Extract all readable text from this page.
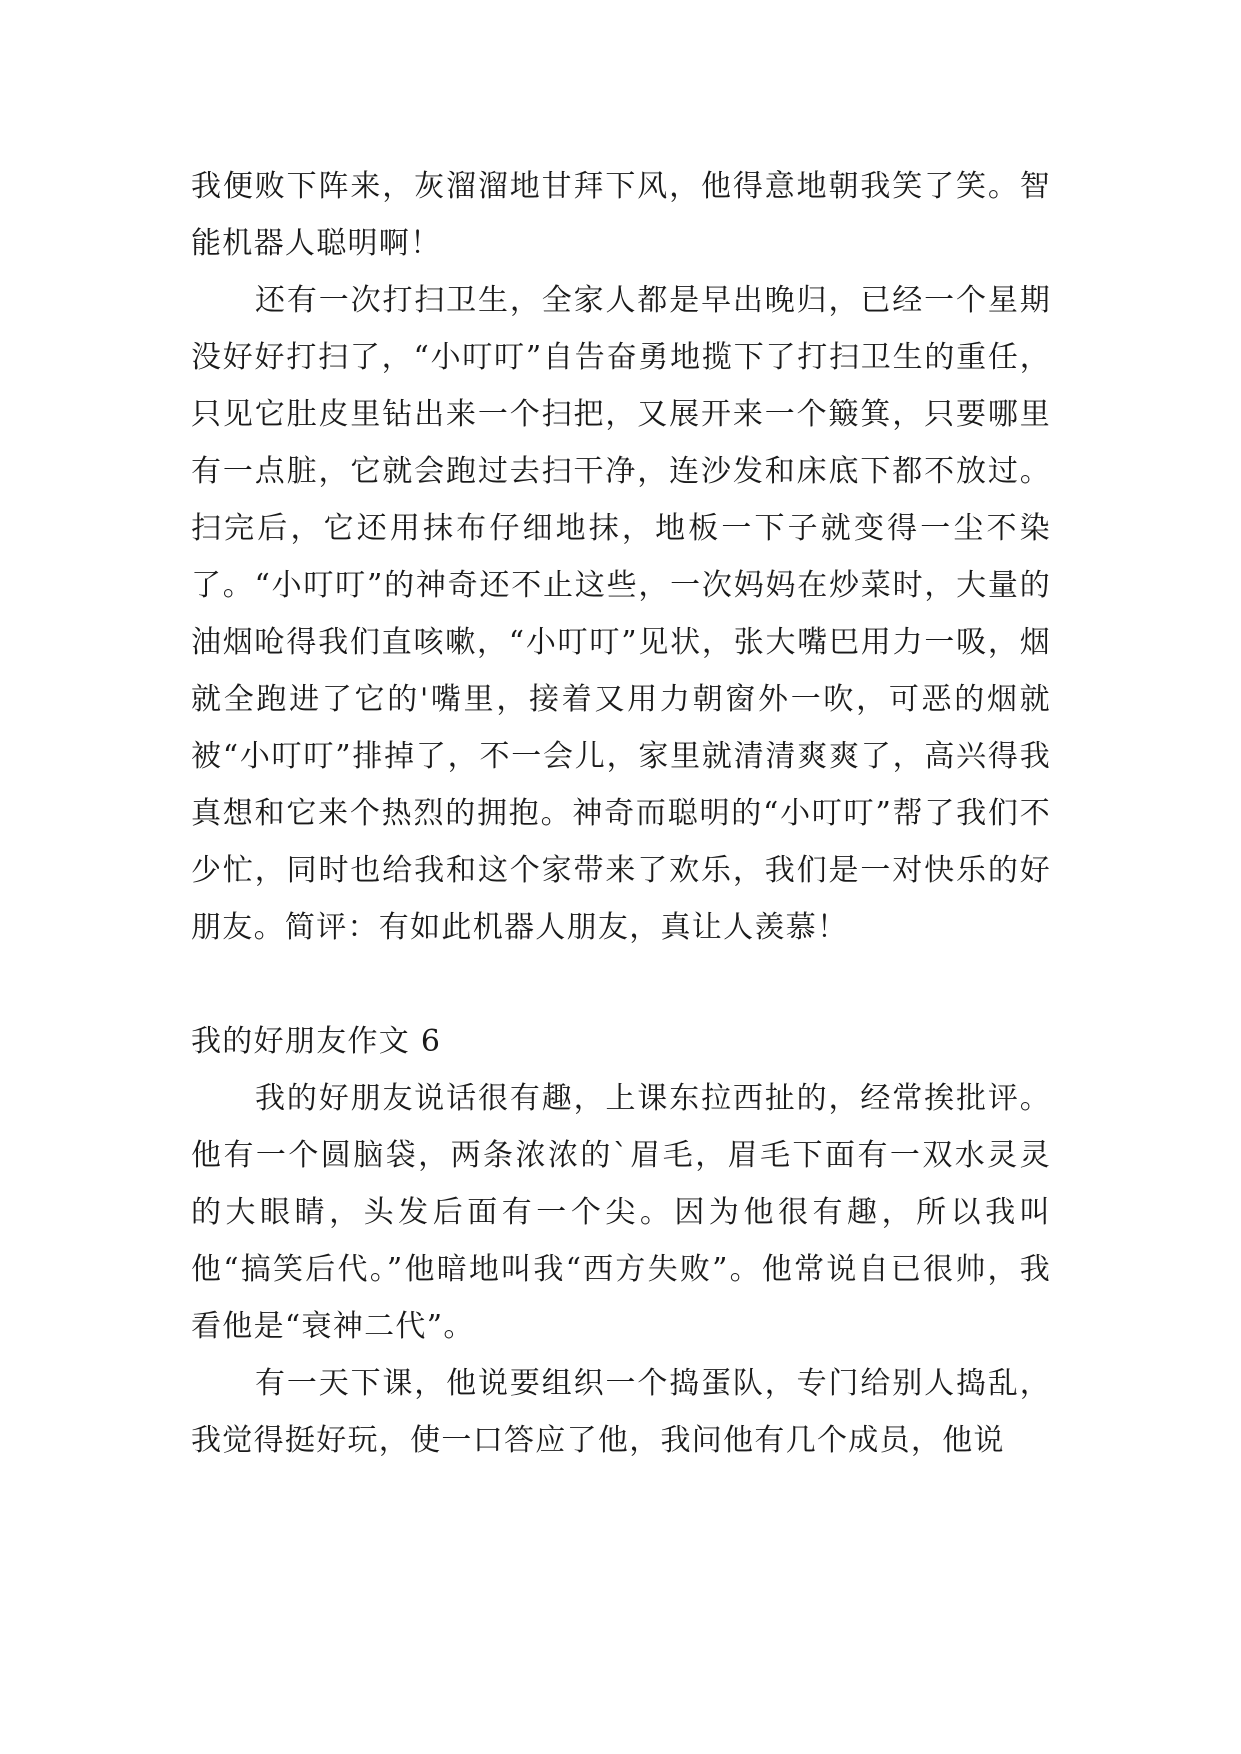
我便败下阵来，灰溜溜地甘拜下风，他得意地朝我笑了笑。智能机器人聪明啊！

还有一次打扫卫生，全家人都是早出晚归，已经一个星期没好好打扫了，“小叮叮”自告奋勇地揽下了打扫卫生的重任，只见它肚皮里钻出来一个扫把，又展开来一个簸箕，只要哪里有一点脏，它就会跑过去扫干净，连沙发和床底下都不放过。扫完后，它还用抹布仔细地抹，地板一下子就变得一尘不染了。“小叮叮”的神奇还不止这些，一次妈妈在炒菜时，大量的油烟呛得我们直咳嗽，“小叮叮”见状，张大嘴巴用力一吸，烟就全跑进了它的'嘴里，接着又用力朝窗外一吹，可恶的烟就被“小叮叮”排掉了，不一会儿，家里就清清爽爽了，高兴得我真想和它来个热烈的拥抱。神奇而聪明的“小叮叮”帮了我们不少忙，同时也给我和这个家带来了欢乐，我们是一对快乐的好朋友。简评：有如此机器人朋友，真让人羡慕！

我的好朋友作文 6

我的好朋友说话很有趣，上课东拉西扯的，经常挨批评。他有一个圆脑袋，两条浓浓的`眉毛，眉毛下面有一双水灵灵的大眼睛，头发后面有一个尖。因为他很有趣，所以我叫他“搞笑后代。”他暗地叫我“西方失败”。他常说自已很帅，我看他是“衰神二代”。

有一天下课，他说要组织一个捣蛋队，专门给别人捣乱，我觉得挺好玩，使一口答应了他，我问他有几个成员，他说
